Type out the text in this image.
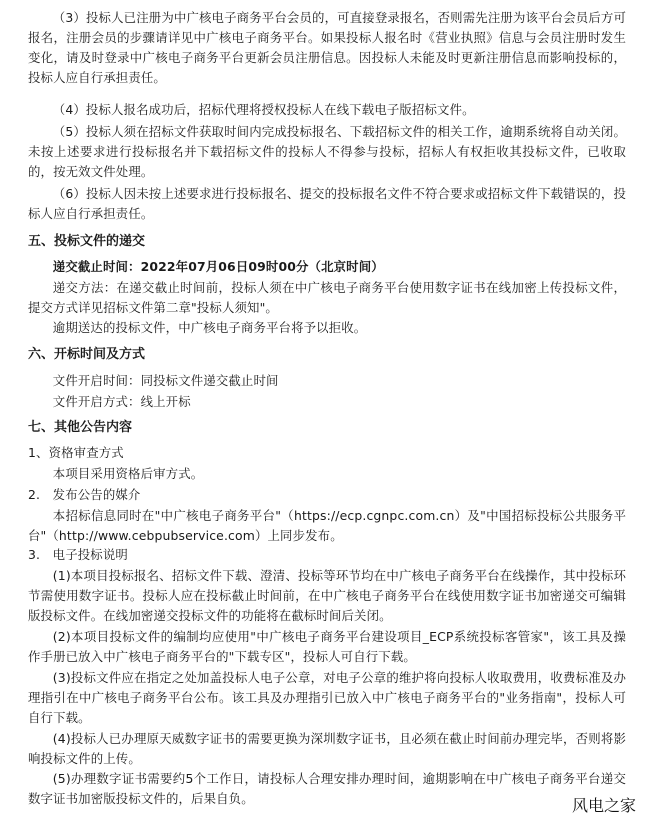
（3）投标人已注册为中广核电子商务平台会员的，可直接登录报名，否则需先注册为该平台会员后方可报名，注册会员的步骤请详见中广核电子商务平台。如果投标人报名时《营业执照》信息与会员注册时发生变化，请及时登录中广核电子商务平台更新会员注册信息。因投标人未能及时更新注册信息而影响投标的，投标人应自行承担责任。

（4）投标人报名成功后，招标代理将授权投标人在线下载电子版招标文件。

（5）投标人须在招标文件获取时间内完成投标报名、下载招标文件的相关工作，逾期系统将自动关闭。未按上述要求进行投标报名并下载招标文件的投标人不得参与投标，招标人有权拒收其投标文件，已收取的，按无效文件处理。

（6）投标人因未按上述要求进行投标报名、提交的投标报名文件不符合要求或招标文件下载错误的，投标人应自行承担责任。

五、投标文件的递交

递交截止时间：2022年07月06日09时00分（北京时间）

递交方法：在递交截止时间前，投标人须在中广核电子商务平台使用数字证书在线加密上传投标文件，提交方式详见招标文件第二章"投标人须知"。

逾期送达的投标文件，中广核电子商务平台将予以拒收。

六、开标时间及方式

文件开启时间：同投标文件递交截止时间

文件开启方式：线上开标

七、其他公告内容

1、资格审查方式

本项目采用资格后审方式。

2.　发布公告的媒介

本招标信息同时在"中广核电子商务平台"（https://ecp.cgnpc.com.cn）及"中国招标投标公共服务平台"（http://www.cebpubservice.com）上同步发布。

3.　电子投标说明

(1)本项目投标报名、招标文件下载、澄清、投标等环节均在中广核电子商务平台在线操作，其中投标环节需使用数字证书。投标人应在投标截止时间前，在中广核电子商务平台在线使用数字证书加密递交可编辑版投标文件。在线加密递交投标文件的功能将在截标时间后关闭。

(2)本项目投标文件的编制均应使用"中广核电子商务平台建设项目_ECP系统投标客管家"，该工具及操作手册已放入中广核电子商务平台的"下载专区"，投标人可自行下载。

(3)投标文件应在指定之处加盖投标人电子公章，对电子公章的维护将向投标人收取费用，收费标准及办理指引在中广核电子商务平台公布。该工具及办理指引已放入中广核电子商务平台的"业务指南"，投标人可自行下载。

(4)投标人已办理原天威数字证书的需要更换为深圳数字证书，且必须在截止时间前办理完毕，否则将影响投标文件的上传。

(5)办理数字证书需要约5个工作日，请投标人合理安排办理时间，逾期影响在中广核电子商务平台递交数字证书加密版投标文件的，后果自负。	风电之家
